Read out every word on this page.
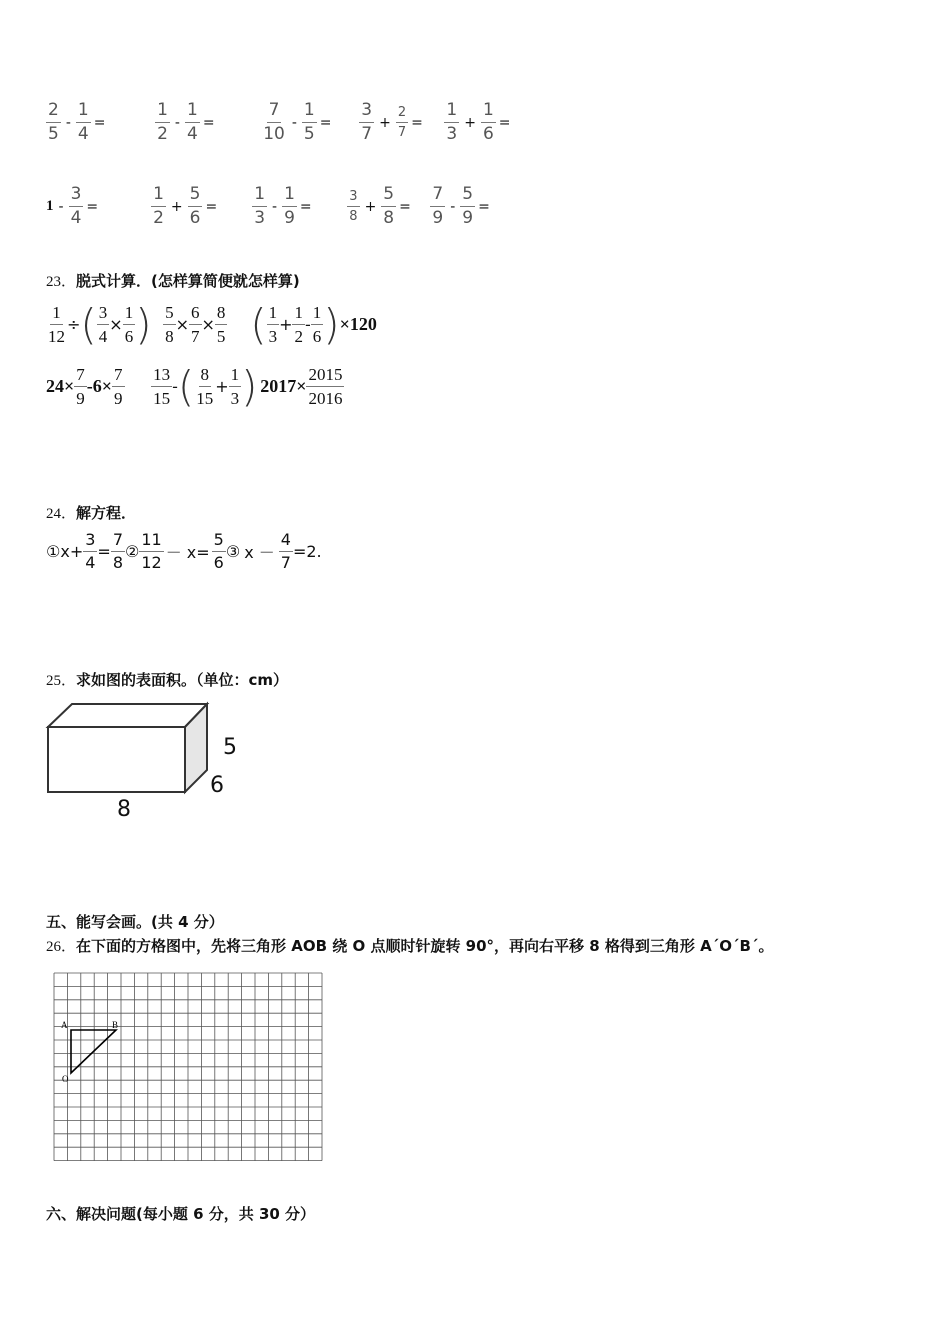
$\frac{2}{5} - \frac{1}{4}$ =	$\frac{1}{2} - \frac{1}{4}$ =	$\frac{7}{10} - \frac{1}{5} = \frac{3}{7} + \frac{2}{7} = \frac{1}{3} + \frac{1}{6}$ =
$1 - \frac{3}{4}$ =	$\frac{1}{2} + \frac{5}{6} = \frac{1}{3} - \frac{1}{9}$ =	$\frac{3}{8} + \frac{5}{8} = \frac{7}{9} - \frac{5}{9}$ =
23．脱式计算．(怎样算简便就怎样算)
$\frac{1}{12}$ ÷( $\frac{3}{4} \times \frac{1}{6}$ ) $\frac{5}{8} \times \frac{6}{7} \times \frac{8}{5}$ ( $\frac{1}{3} + \frac{1}{2} - \frac{1}{6} )\times 120$
$24\times \frac{7}{9} -6\times \frac{7}{9}$
$\frac{13}{15}$ -( $\frac{8}{15} + \frac{1}{3}$ ) $2017\times \frac{2015}{2016}$
24．解方程．
①x+ $\frac{3}{4} = \frac{7}{8}$ ② $\frac{11}{12} - x= \frac{5}{6}$ ③ $x - \frac{4}{7} =2$.
25．求如图的表面积。（单位：cm）
5
6
8
五、能写会画。(共 4 分）
26．在下面的方格图中，先将三角形 AOB 绕 O 点顺时针旋转 90°，再向右平移 8 格得到三角形 A´O´B´。
A	B
O
六、解决问题(每小题 6 分，共 30 分）
